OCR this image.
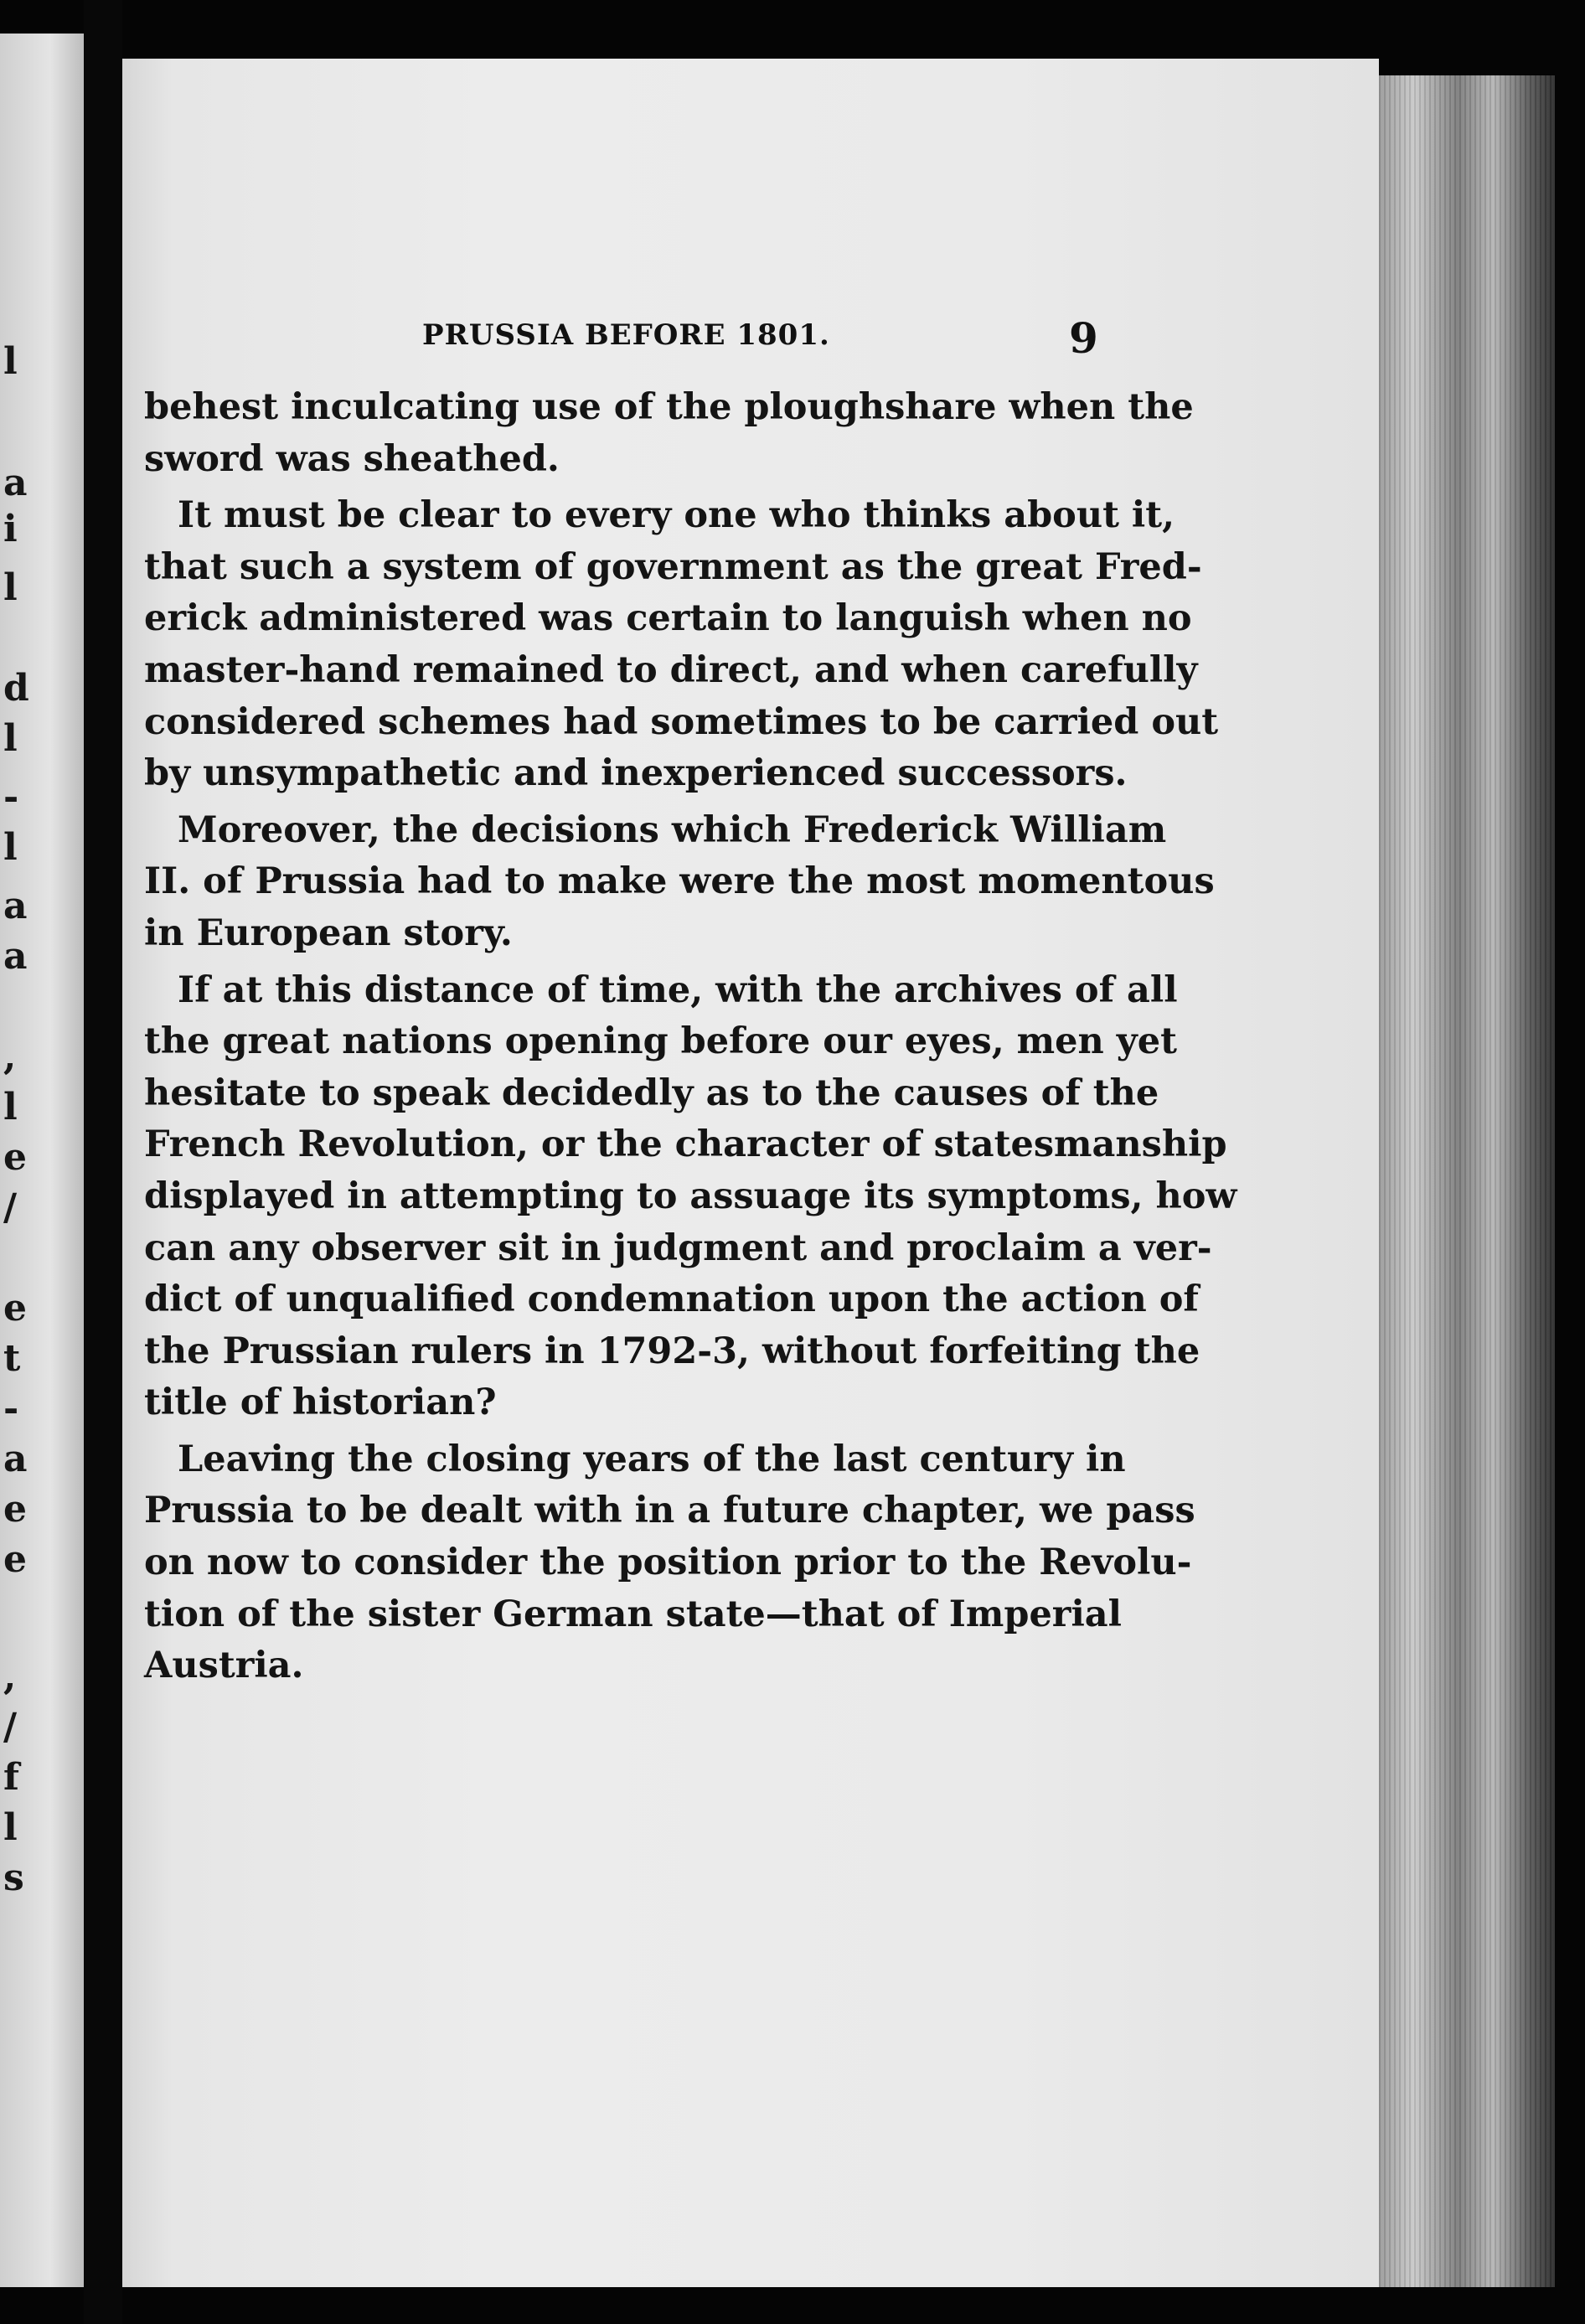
l
a
i
l
d
l
-
l
a
a
,
l
e
/
e
t
-
a
e
e
,
/
f
l
s
PRUSSIA BEFORE 1801.	9
behest inculcating use of the ploughshare when the
sword was sheathed.
It must be clear to every one who thinks about it,
that such a system of government as the great Fred-
erick administered was certain to languish when no
master-hand remained to direct, and when carefully
considered schemes had sometimes to be carried out
by unsympathetic and inexperienced successors.
Moreover, the decisions which Frederick William
II. of Prussia had to make were the most momentous
in European story.
If at this distance of time, with the archives of all
the great nations opening before our eyes, men yet
hesitate to speak decidedly as to the causes of the
French Revolution, or the character of statesmanship
displayed in attempting to assuage its symptoms, how
can any observer sit in judgment and proclaim a ver-
dict of unqualified condemnation upon the action of
the Prussian rulers in 1792-3, without forfeiting the
title of historian?
Leaving the closing years of the last century in
Prussia to be dealt with in a future chapter, we pass
on now to consider the position prior to the Revolu-
tion of the sister German state—that of Imperial
Austria.
